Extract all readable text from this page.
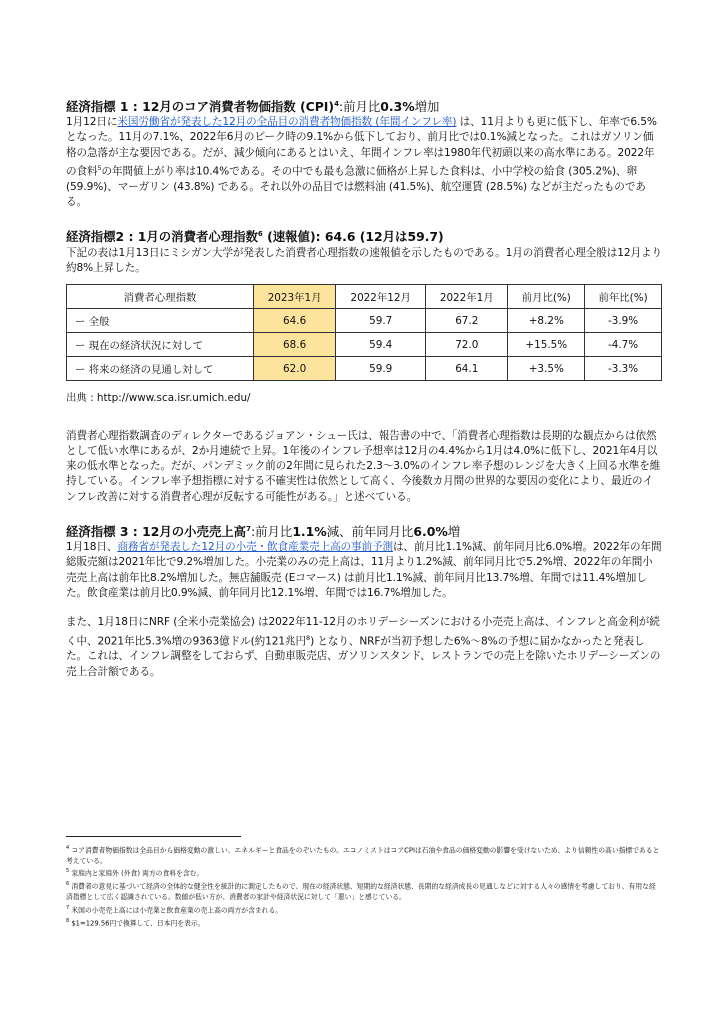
経済指標 1 : 12月のコア消費者物価指数 (CPI)$^4$:前月比0.3%増加

1月12日に米国労働省が発表した12月の全品目の消費者物価指数 (年間インフレ率) は、11月よりも更に低下し、年率で6.5%となった。11月の7.1%、2022年6月のピーク時の9.1%から低下しており、前月比では0.1%減となった。これはガソリン価格の急落が主な要因である。だが、減少傾向にあるとはいえ、年間インフレ率は1980年代初頭以来の高水準にある。2022年の食料$^5$の年間値上がり率は10.4%である。その中でも最も急激に価格が上昇した食料は、小中学校の給食 (305.2%)、卵 (59.9%)、マーガリン (43.8%) である。それ以外の品目では燃料油 (41.5%)、航空運賃 (28.5%) などが主だったものである。

経済指標2 : 1月の消費者心理指数$^6$ (速報値): 64.6 (12月は59.7)

下記の表は1月13日にミシガン大学が発表した消費者心理指数の速報値を示したものである。1月の消費者心理全般は12月より約8%上昇した。

消費者心理指数	2023年1月	2022年12月	2022年1月	前月比(%)	前年比(%)
ー 全般	64.6	59.7	67.2	+8.2%	-3.9%
ー 現在の経済状況に対して	68.6	59.4	72.0	+15.5%	-4.7%
ー 将来の経済の見通し対して	62.0	59.9	64.1	+3.5%	-3.3%

出典 : http://www.sca.isr.umich.edu/

消費者心理指数調査のディレクターであるジョアン・シュー氏は、報告書の中で、「消費者心理指数は長期的な観点からは依然として低い水準にあるが、2か月連続で上昇。1年後のインフレ予想率は12月の4.4%から1月は4.0%に低下し、2021年4月以来の低水準となった。だが、パンデミック前の2年間に見られた2.3～3.0%のインフレ率予想のレンジを大きく上回る水準を維持している。インフレ率予想指標に対する不確実性は依然として高く、今後数カ月間の世界的な要因の変化により、最近のインフレ改善に対する消費者心理が反転する可能性がある。」と述べている。

経済指標 3 : 12月の小売売上高$^7$:前月比1.1%減、前年同月比6.0%増

1月18日、商務省が発表した12月の小売・飲食産業売上高の事前予測は、前月比1.1%減、前年同月比6.0%増。2022年の年間総販売額は2021年比で9.2%増加した。小売業のみの売上高は、11月より1.2%減、前年同月比で5.2%増、2022年の年間小売売上高は前年比8.2%増加した。無店舗販売 (Eコマース) は前月比1.1%減、前年同月比13.7%増、年間では11.4%増加した。飲食産業は前月比0.9%減、前年同月比12.1%増、年間では16.7%増加した。

また、1月18日にNRF (全米小売業協会) は2022年11-12月のホリデーシーズンにおける小売売上高は、インフレと高金利が続く中、2021年比5.3%増の9363億ドル(約121兆円$^8$) となり、NRFが当初予想した6%～8%の予想に届かなかったと発表した。これは、インフレ調整をしておらず、自動車販売店、ガソリンスタンド、レストランでの売上を除いたホリデーシーズンの売上合計額である。

$^4$ コア消費者物価指数は全品目から価格変動の激しい、エネルギーと食品をのぞいたもの。エコノミストはコアCPIは石油や食品の価格変動の影響を受けないため、より信頼性の高い指標であると考えている。

$^5$ 家庭内と家庭外 (外食) 両方の食料を含む。

$^6$ 消費者の意見に基づいて経済の全体的な健全性を統計的に測定したもので、現在の経済状態、短期的な経済状態、長期的な経済成長の見通しなどに対する人々の感情を考慮しており、有用な経済指標として広く認識されている。数値が低い方が、消費者の家計や経済状況に対して「悪い」と感じている。

$^7$ 米国の小売売上高には小売業と飲食産業の売上高の両方が含まれる。

$^8$ $1=129.56円で換算して、日本円を表示。
